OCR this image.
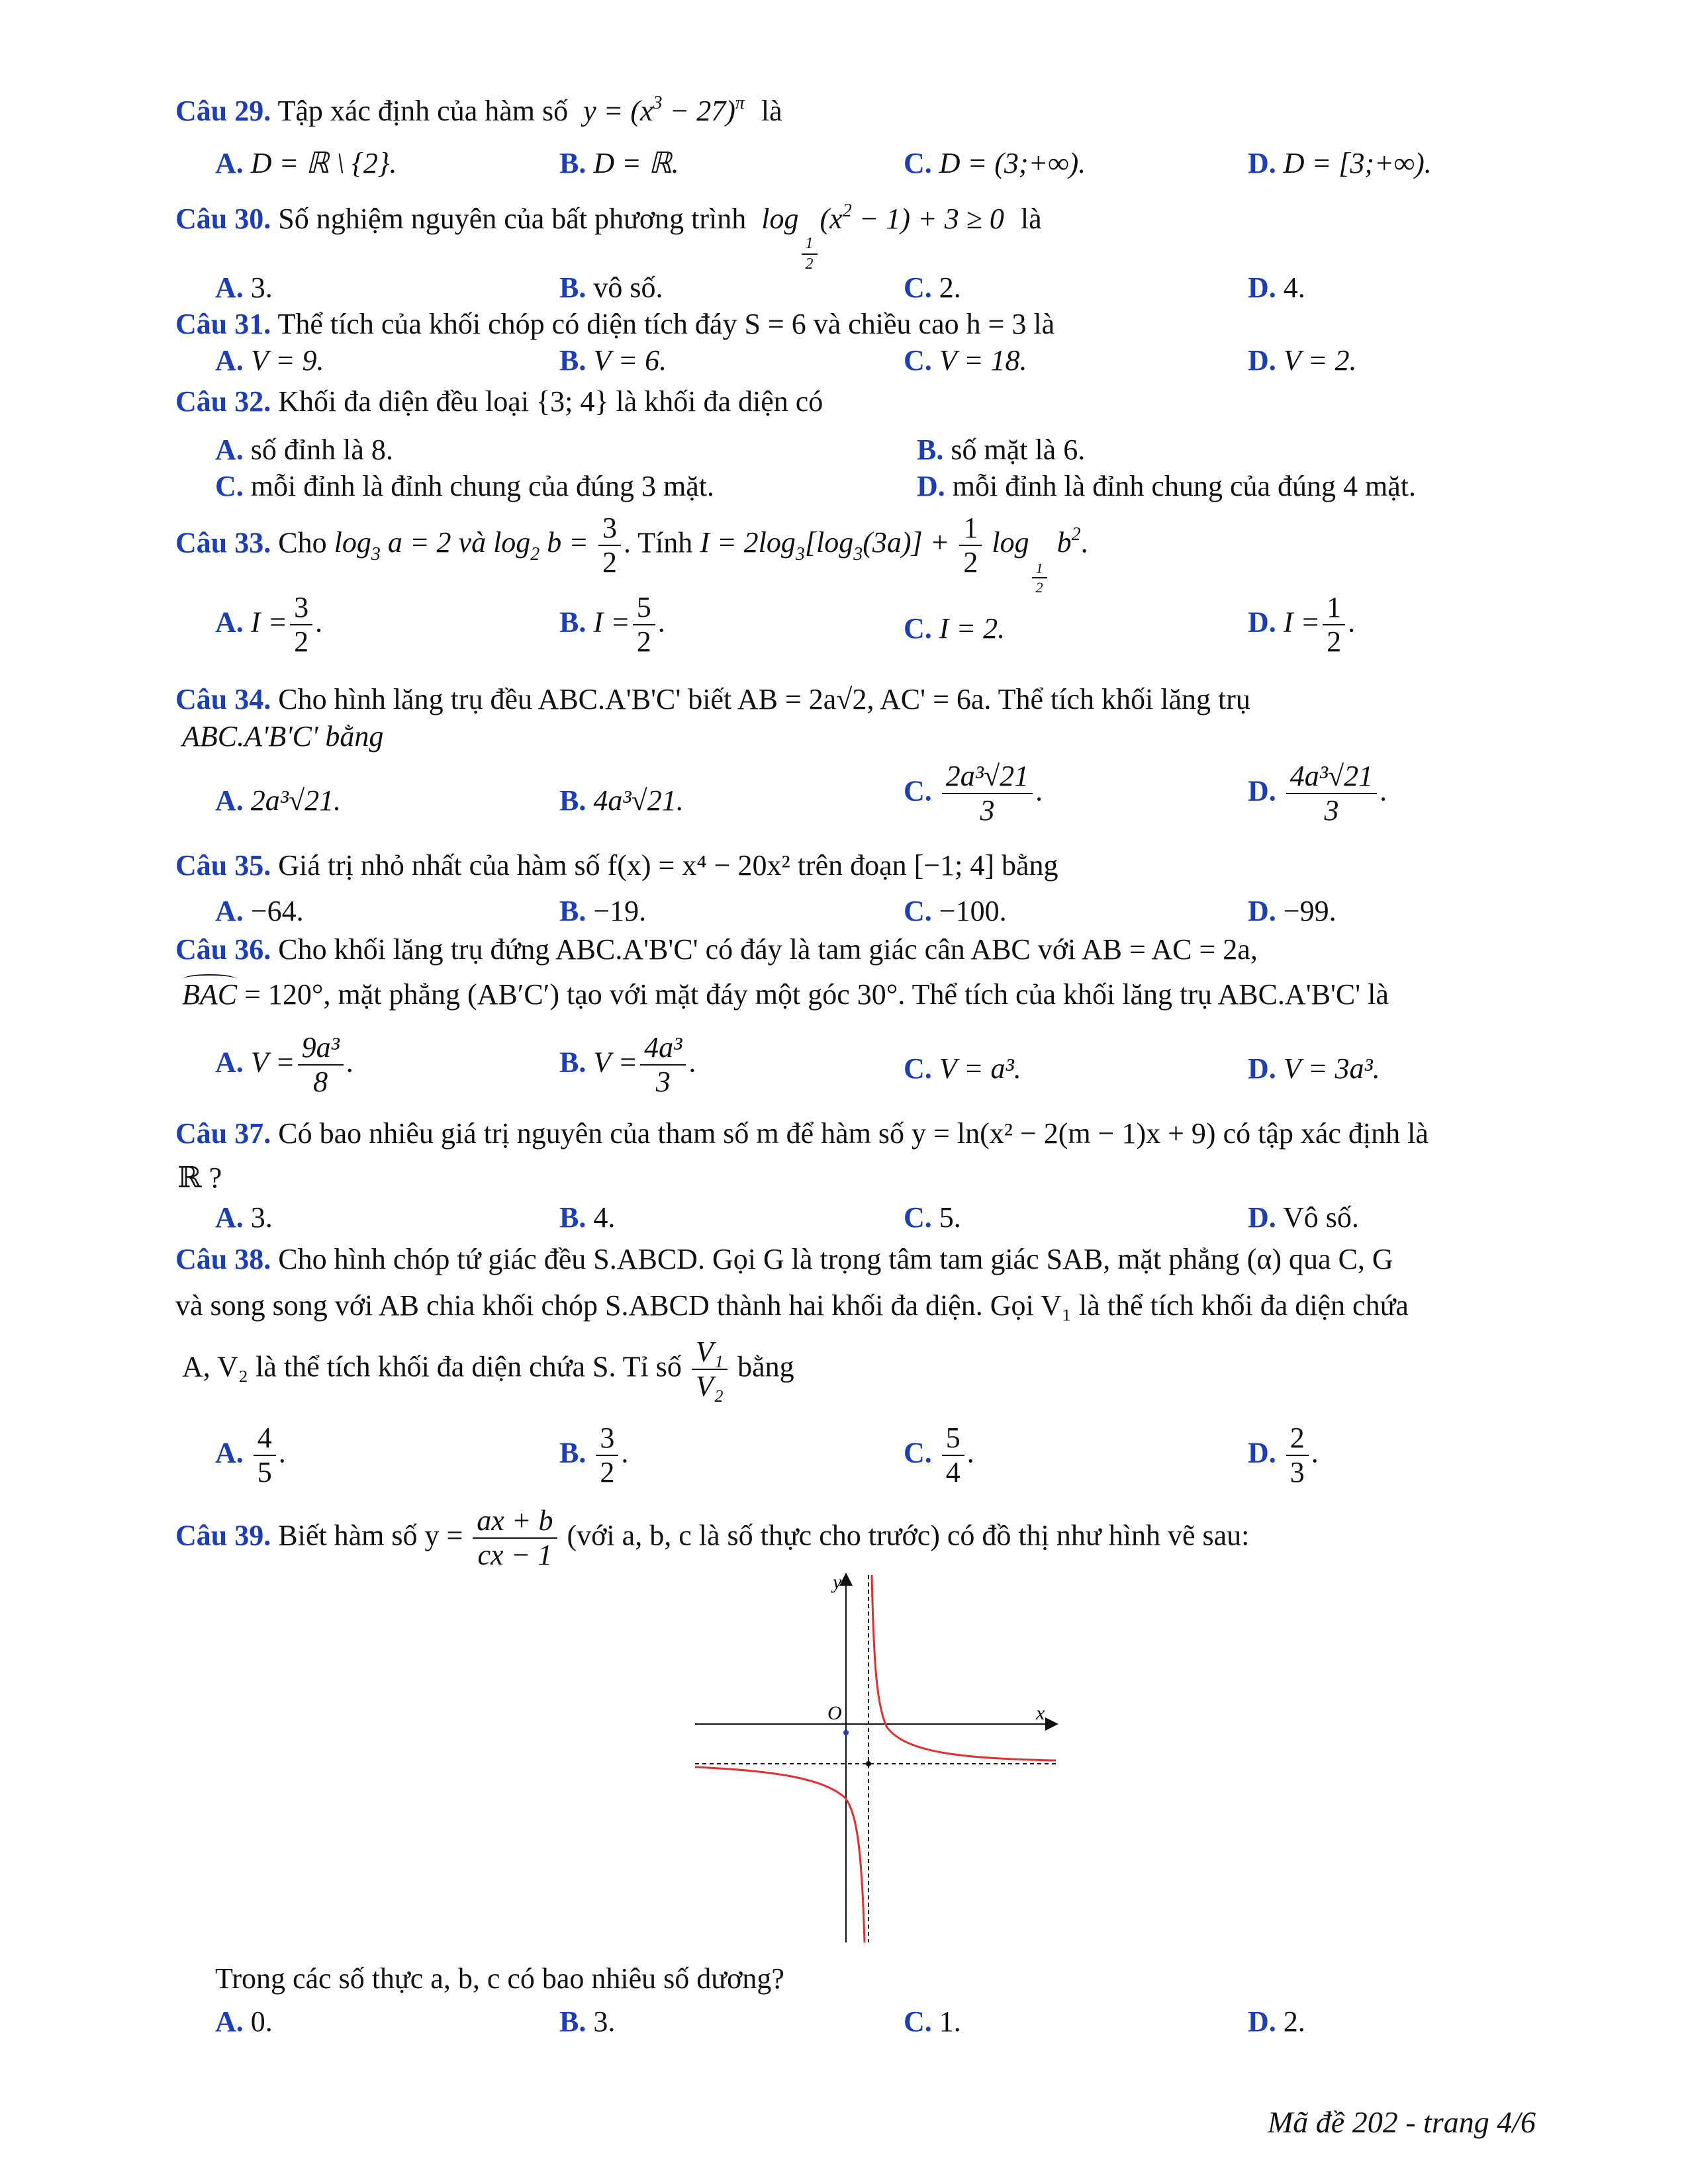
Câu 29. Tập xác định của hàm số $y = (x^3 - 27)^\pi$ là
A. D = ℝ \ {2}.	B. D = ℝ.	C. D = (3;+∞).	D. D = [3;+∞).
Câu 30. Số nghiệm nguyên của bất phương trình log
$\frac{1}{2}$
$(x^2 - 1) + 3 \ge 0$ là
A. 3.	B. vô số.	C. 2.	D. 4.
Câu 31. Thể tích của khối chóp có diện tích đáy S = 6 và chiều cao h = 3 là
A. V = 9.	B. V = 6.	C. V = 18.	D. V = 2.
Câu 32. Khối đa diện đều loại {3; 4} là khối đa diện có
A. số đỉnh là 8.	B. số mặt là 6.
C. mỗi đỉnh là đỉnh chung của đúng 3 mặt.	D. mỗi đỉnh là đỉnh chung của đúng 4 mặt.
Câu 33. Cho $\log_3 a = 2$ và $\log_2 b = \frac{3}{2}$ . Tính $I = 2\log_3[\log_3(3a)] + \frac{1}{2}$ log
$\frac{1}{2}$
$b^2$.
A. $I = \frac{3}{2}$ .	B. $I = \frac{5}{2}$ .	C. I = 2.	D. $I = \frac{1}{2}$ .
Câu 34. Cho hình lăng trụ đều ABC.A'B'C' biết AB = 2a√2, AC' = 6a. Thể tích khối lăng trụ
ABC.A'B'C' bằng
A. 2a³√21.	B. 4a³√21.	C. $\frac{\text{2a³√21}}{3}$ .	D. $\frac{\text{4a³√21}}{3}$ .
Câu 35. Giá trị nhỏ nhất của hàm số f(x) = x⁴ − 20x² trên đoạn [−1; 4] bằng
A. −64.	B. −19.	C. −100.	D. −99.
Câu 36. Cho khối lăng trụ đứng ABC.A'B'C' có đáy là tam giác cân ABC với AB = AC = 2a,
BAC = 120°, mặt phẳng (AB′C′) tạo với mặt đáy một góc 30°. Thể tích của khối lăng trụ ABC.A'B'C' là
A. $V = \frac{\text{9a³}}{8}$ .	B. $V = \frac{\text{4a³}}{3}$ .	C. V = a³.	D. V = 3a³.
Câu 37. Có bao nhiêu giá trị nguyên của tham số m để hàm số y = ln(x² − 2(m − 1)x + 9) có tập xác định là
ℝ ?
A. 3.	B. 4.	C. 5.	D. Vô số.
Câu 38. Cho hình chóp tứ giác đều S.ABCD. Gọi G là trọng tâm tam giác SAB, mặt phẳng (α) qua C, G
và song song với AB chia khối chóp S.ABCD thành hai khối đa diện. Gọi V₁ là thể tích khối đa diện chứa
A, V₂ là thể tích khối đa diện chứa S. Tỉ số $\frac{\text{V₁}}{\text{V₂}}$ bằng
A. $\frac{4}{5}$ .	B. $\frac{3}{2}$ .	C. $\frac{5}{4}$ .	D. $\frac{2}{3}$ .
Câu 39. Biết hàm số $y = \frac{ax + b}{cx - 1}$ (với a, b, c là số thực cho trước) có đồ thị như hình vẽ sau:
y
x
O
Trong các số thực a, b, c có bao nhiêu số dương?
A. 0.	B. 3.	C. 1.	D. 2.
Mã đề 202 - trang 4/6
